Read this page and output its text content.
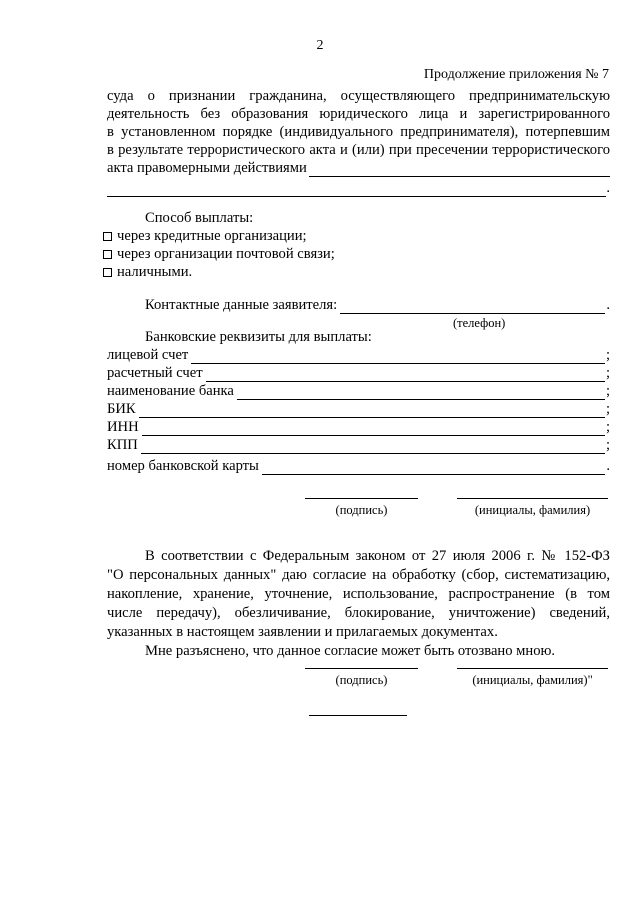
2
Продолжение приложения № 7
суда о признании гражданина, осуществляющего предпринимательскую
деятельность без образования юридического лица и зарегистрированного
в установленном порядке (индивидуального предпринимателя), потерпевшим
в результате террористического акта и (или) при пресечении террористического
акта правомерными действиями
.
Способ выплаты:
через кредитные организации;
через организации почтовой связи;
наличными.
Контактные данные заявителя:	.
(телефон)
Банковские реквизиты для выплаты:
лицевой счет	;
расчетный счет	;
наименование банка	;
БИК	;
ИНН	;
КПП	;
номер банковской карты	.
(подпись)	(инициалы, фамилия)
В соответствии с Федеральным законом от 27 июля 2006 г. № 152-ФЗ
"О персональных данных" даю согласие на обработку (сбор, систематизацию,
накопление, хранение, уточнение, использование, распространение (в том
числе передачу), обезличивание, блокирование, уничтожение) сведений,
указанных в настоящем заявлении и прилагаемых документах.
Мне разъяснено, что данное согласие может быть отозвано мною.
(подпись)	(инициалы, фамилия)"
